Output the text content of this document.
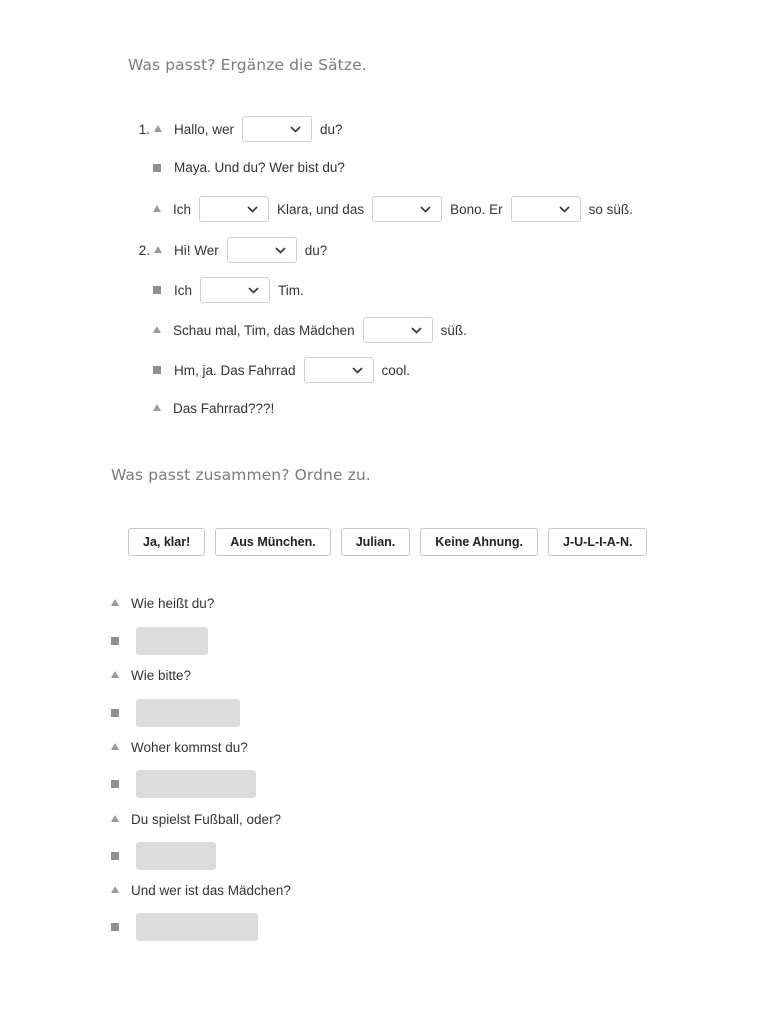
Was passt? Ergänze die Sätze.
1. Hallo, wer	du?
Maya. Und du? Wer bist du?
Ich	Klara, und das	Bono. Er	so süß.
2. Hi! Wer	du?
Ich	Tim.
Schau mal, Tim, das Mädchen	süß.
Hm, ja. Das Fahrrad	cool.
Das Fahrrad???!
Was passt zusammen? Ordne zu.
Ja, klar!	Aus München.	Julian.	Keine Ahnung.	J-U-L-I-A-N.
Wie heißt du?
Wie bitte?
Woher kommst du?
Du spielst Fußball, oder?
Und wer ist das Mädchen?
